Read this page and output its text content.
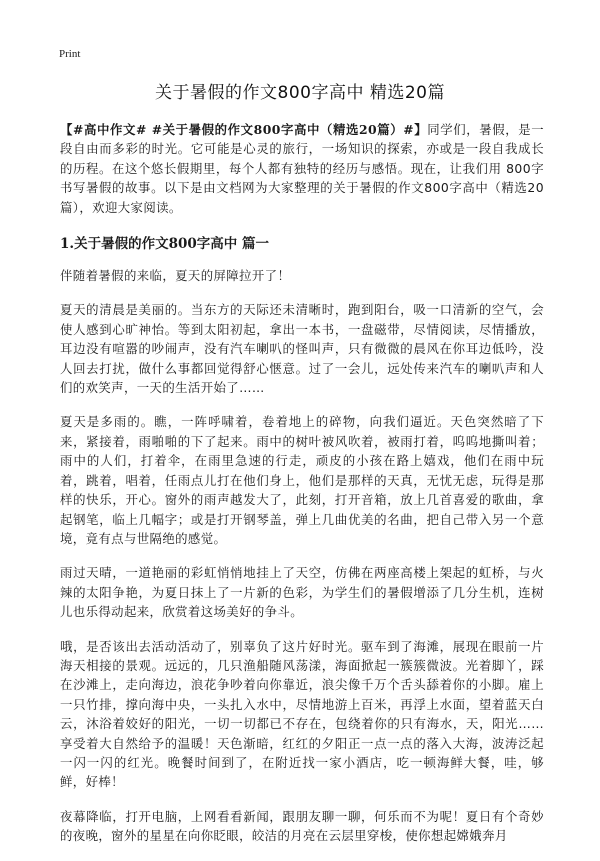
Print
关于暑假的作文800字高中 精选20篇

【#高中作文# #关于暑假的作文800字高中（精选20篇）#】同学们，暑假，是一段自由而多彩的时光。它可能是心灵的旅行，一场知识的探索，亦或是一段自我成长的历程。在这个悠长假期里，每个人都有独特的经历与感悟。现在，让我们用 800字书写暑假的故事。以下是由文档网为大家整理的关于暑假的作文800字高中（精选20篇），欢迎大家阅读。

1.关于暑假的作文800字高中 篇一

伴随着暑假的来临，夏天的屏障拉开了！

夏天的清晨是美丽的。当东方的天际还未清晰时，跑到阳台，吸一口清新的空气，会使人感到心旷神怡。等到太阳初起，拿出一本书，一盘磁带，尽情阅读，尽情播放，耳边没有喧嚣的吵闹声，没有汽车喇叭的怪叫声，只有微微的晨风在你耳边低吟，没人回去打扰，做什么事都回觉得舒心惬意。过了一会儿，远处传来汽车的喇叭声和人们的欢笑声，一天的生活开始了……

夏天是多雨的。瞧，一阵呼啸着，卷着地上的碎物，向我们逼近。天色突然暗了下来，紧接着，雨啪啪的下了起来。雨中的树叶被风吹着，被雨打着，呜呜地撕叫着；雨中的人们，打着伞，在雨里急速的行走，顽皮的小孩在路上嬉戏，他们在雨中玩着，跳着，唱着，任雨点儿打在他们身上，他们是那样的天真，无忧无虑，玩得是那样的快乐，开心。窗外的雨声越发大了，此刻，打开音箱，放上几首喜爱的歌曲，拿起钢笔，临上几幅字；或是打开钢琴盖，弹上几曲优美的名曲，把自己带入另一个意境，竟有点与世隔绝的感觉。

雨过天晴，一道艳丽的彩虹悄悄地挂上了天空，仿佛在两座高楼上架起的虹桥，与火辣的太阳争艳，为夏日抹上了一片新的色彩，为学生们的暑假增添了几分生机，连树儿也乐得动起来，欣赏着这场美好的争斗。

哦，是否该出去活动活动了，别辜负了这片好时光。驱车到了海滩，展现在眼前一片海天相接的景观。远远的，几只渔船随风荡漾，海面掀起一簇簇微波。光着脚丫，踩在沙滩上，走向海边，浪花争吵着向你靠近，浪尖像千万个舌头舔着你的小脚。雇上一只竹排，撑向海中央，一头扎入水中，尽情地游上百米，再浮上水面，望着蓝天白云，沐浴着姣好的阳光，一切一切都已不存在，包绕着你的只有海水，天，阳光……享受着大自然给予的温暖！天色渐暗，红红的夕阳正一点一点的落入大海，波涛泛起一闪一闪的红光。晚餐时间到了，在附近找一家小酒店，吃一顿海鲜大餐，哇，够鲜，好棒！

夜幕降临，打开电脑，上网看看新闻，跟朋友聊一聊，何乐而不为呢！夏日有个奇妙的夜晚，窗外的星星在向你眨眼，皎洁的月亮在云层里穿梭，使你想起嫦娥奔月
